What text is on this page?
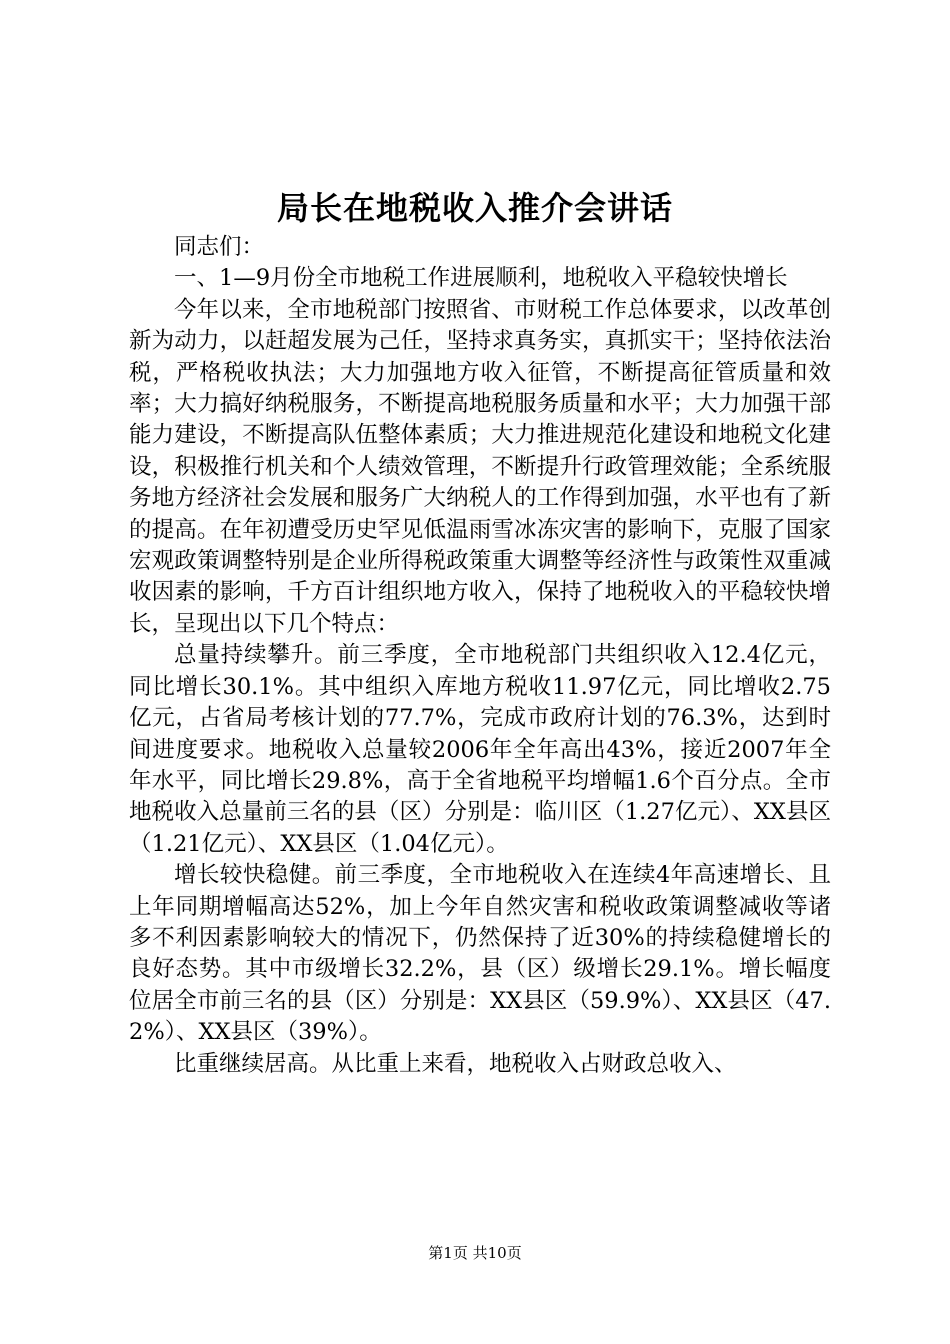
局长在地税收入推介会讲话

同志们：

一、1—9月份全市地税工作进展顺利，地税收入平稳较快增长

今年以来，全市地税部门按照省、市财税工作总体要求，以改革创新为动力，以赶超发展为己任，坚持求真务实，真抓实干；坚持依法治税，严格税收执法；大力加强地方收入征管，不断提高征管质量和效率；大力搞好纳税服务，不断提高地税服务质量和水平；大力加强干部能力建设，不断提高队伍整体素质；大力推进规范化建设和地税文化建设，积极推行机关和个人绩效管理，不断提升行政管理效能；全系统服务地方经济社会发展和服务广大纳税人的工作得到加强，水平也有了新的提高。在年初遭受历史罕见低温雨雪冰冻灾害的影响下，克服了国家宏观政策调整特别是企业所得税政策重大调整等经济性与政策性双重减收因素的影响，千方百计组织地方收入，保持了地税收入的平稳较快增长，呈现出以下几个特点：

总量持续攀升。前三季度，全市地税部门共组织收入12.4亿元，同比增长30.1%。其中组织入库地方税收11.97亿元，同比增收2.75亿元，占省局考核计划的77.7%，完成市政府计划的76.3%，达到时间进度要求。地税收入总量较2006年全年高出43%，接近2007年全年水平，同比增长29.8%，高于全省地税平均增幅1.6个百分点。全市地税收入总量前三名的县（区）分别是：临川区（1.27亿元）、XX县区（1.21亿元）、XX县区（1.04亿元）。

增长较快稳健。前三季度，全市地税收入在连续4年高速增长、且上年同期增幅高达52%，加上今年自然灾害和税收政策调整减收等诸多不利因素影响较大的情况下，仍然保持了近30%的持续稳健增长的良好态势。其中市级增长32.2%，县（区）级增长29.1%。增长幅度位居全市前三名的县（区）分别是：XX县区（59.9%）、XX县区（47.2%）、XX县区（39%）。

比重继续居高。从比重上来看，地税收入占财政总收入、

第1页 共10页
